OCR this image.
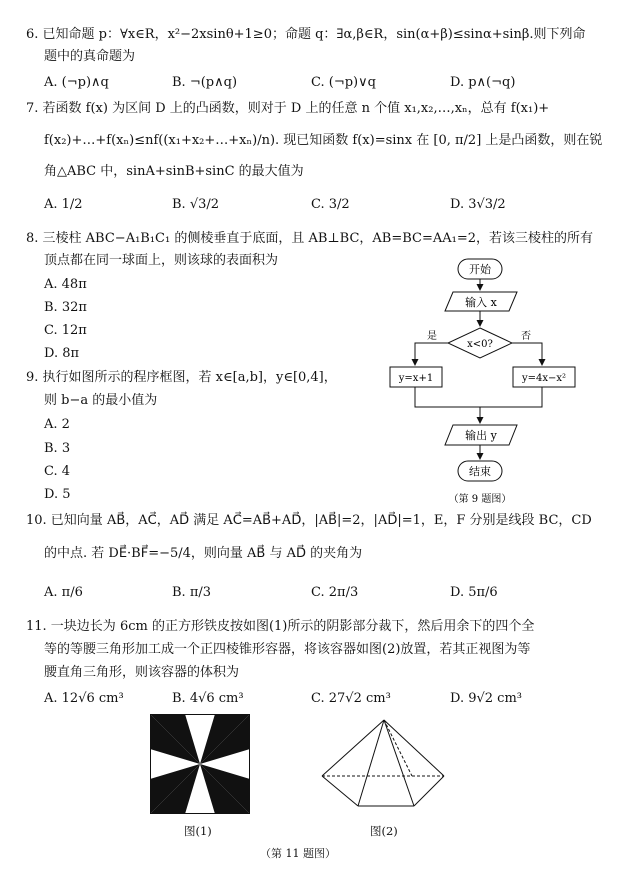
6. 已知命题 p：∀x∈R，x²−2xsinθ+1≥0；命题 q：∃α,β∈R，sin(α+β)≤sinα+sinβ.则下列命
题中的真命题为
A. (¬p)∧q	B. ¬(p∧q)	C. (¬p)∨q	D. p∧(¬q)
7. 若函数 f(x) 为区间 D 上的凸函数，则对于 D 上的任意 n 个值 x₁,x₂,…,xₙ，总有 f(x₁)+
f(x₂)+…+f(xₙ)≤nf((x₁+x₂+…+xₙ)/n). 现已知函数 f(x)=sinx 在 [0, π/2] 上是凸函数，则在锐
角△ABC 中，sinA+sinB+sinC 的最大值为
A. 1/2	B. √3/2	C. 3/2	D. 3√3/2
8. 三棱柱 ABC−A₁B₁C₁ 的侧棱垂直于底面，且 AB⊥BC，AB=BC=AA₁=2，若该三棱柱的所有
顶点都在同一球面上，则该球的表面积为
A. 48π
B. 32π
C. 12π
D. 8π
9. 执行如图所示的程序框图，若 x∈[a,b]，y∈[0,4]，
则 b−a 的最小值为
A. 2
B. 3
C. 4
D. 5
开始
输入 x
x<0?
是	否
y=x+1	y=4x−x²
输出 y
结束
（第 9 题图）
10. 已知向量 AB⃗，AC⃗，AD⃗ 满足 AC⃗=AB⃗+AD⃗，|AB⃗|=2，|AD⃗|=1，E，F 分别是线段 BC，CD
的中点. 若 DE⃗·BF⃗=−5/4，则向量 AB⃗ 与 AD⃗ 的夹角为
A. π/6	B. π/3	C. 2π/3	D. 5π/6
11. 一块边长为 6cm 的正方形铁皮按如图(1)所示的阴影部分裁下，然后用余下的四个全
等的等腰三角形加工成一个正四棱锥形容器，将该容器如图(2)放置，若其正视图为等
腰直角三角形，则该容器的体积为
A. 12√6 cm³	B. 4√6 cm³	C. 27√2 cm³	D. 9√2 cm³
图(1)	图(2)
（第 11 题图）
